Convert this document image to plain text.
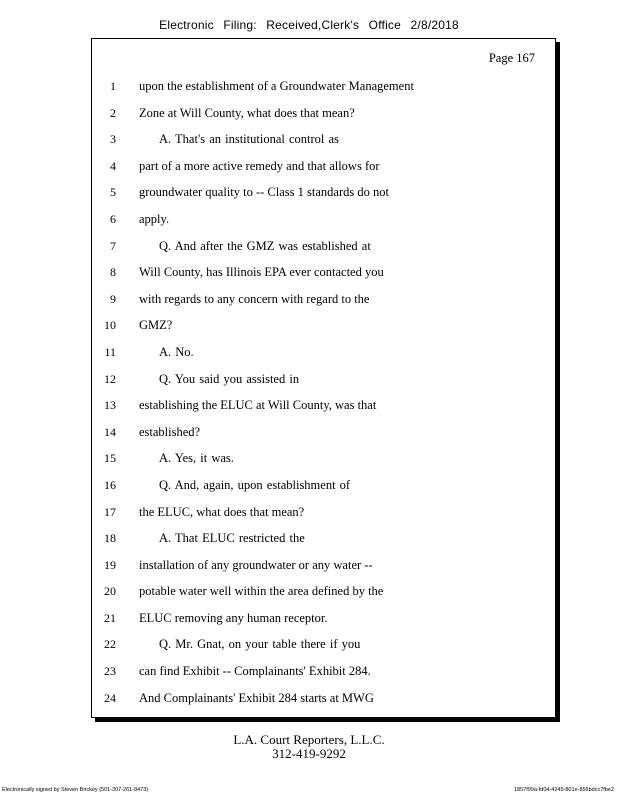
Electronic Filing: Received,Clerk's Office 2/8/2018
Page 167
1 upon the establishment of a Groundwater Management
2 Zone at Will County, what does that mean?
3	A. That's an institutional control as
4 part of a more active remedy and that allows for
5 groundwater quality to -- Class 1 standards do not
6 apply.
7	Q. And after the GMZ was established at
8 Will County, has Illinois EPA ever contacted you
9 with regards to any concern with regard to the
10 GMZ?
11	A. No.
12	Q. You said you assisted in
13 establishing the ELUC at Will County, was that
14 established?
15	A. Yes, it was.
16	Q. And, again, upon establishment of
17 the ELUC, what does that mean?
18	A. That ELUC restricted the
19 installation of any groundwater or any water --
20 potable water well within the area defined by the
21 ELUC removing any human receptor.
22	Q. Mr. Gnat, on your table there if you
23 can find Exhibit -- Complainants' Exhibit 284.
24 And Complainants' Exhibit 284 starts at MWG
L.A. Court Reporters, L.L.C.
312-419-9292
Electronically signed by Steven Brickey (501-307-261-8473)	1857f99a-fd04-4245-801e-856bdcc7fbe2
